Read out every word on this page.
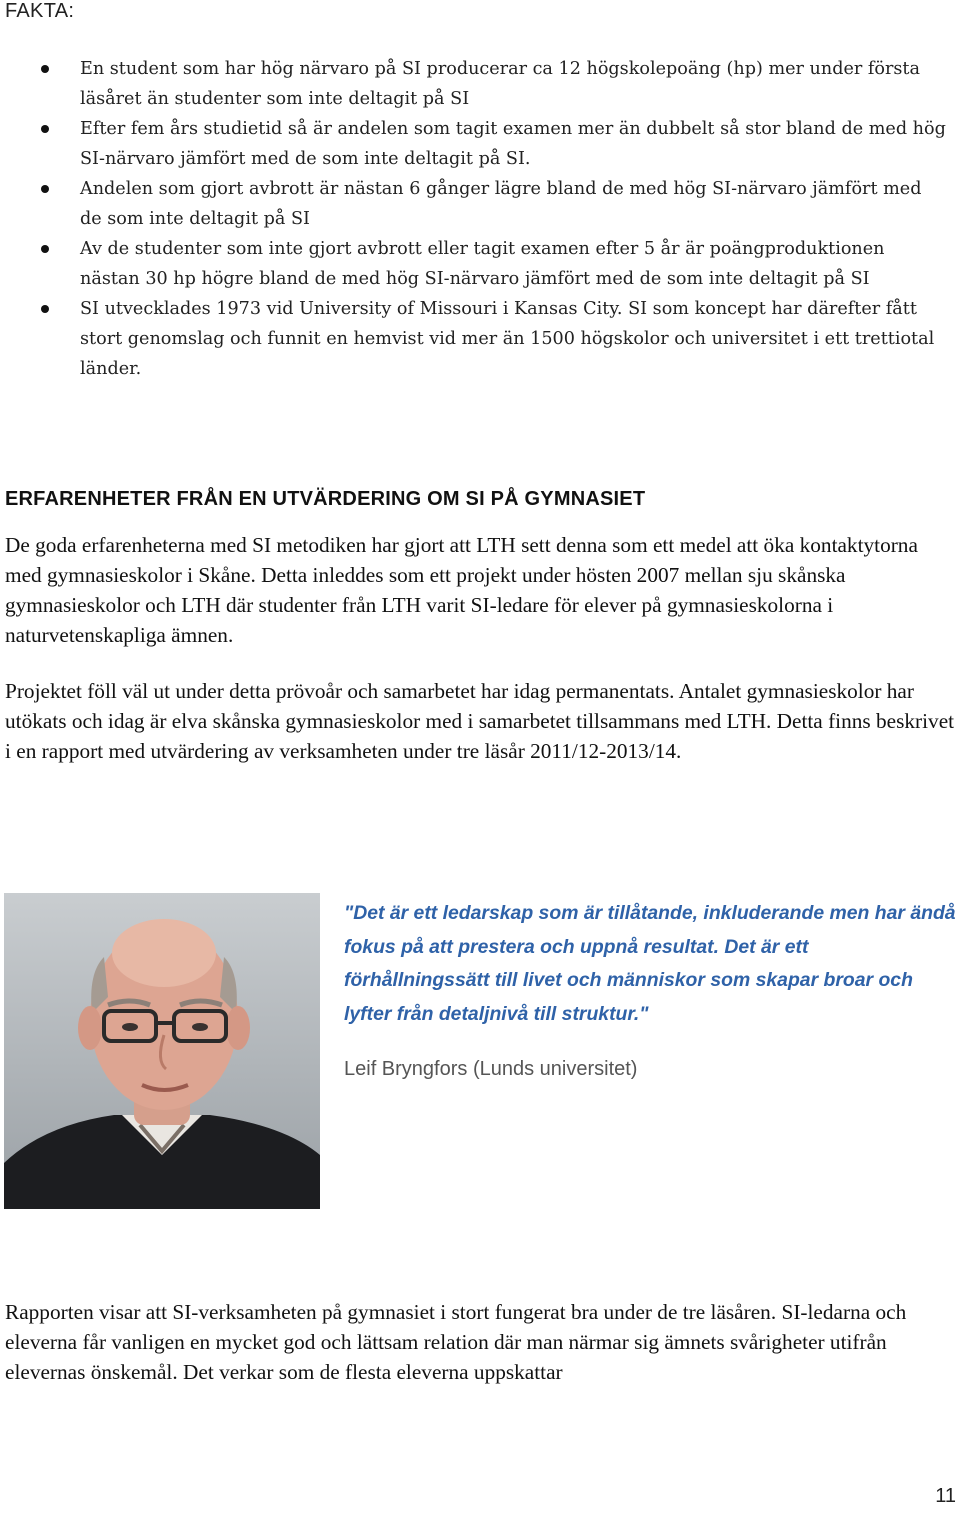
FAKTA:
En student som har hög närvaro på SI producerar ca 12 högskolepoäng (hp) mer under första läsåret än studenter som inte deltagit på SI
Efter fem års studietid så är andelen som tagit examen mer än dubbelt så stor bland de med hög SI-närvaro jämfört med de som inte deltagit på SI.
Andelen som gjort avbrott är nästan 6 gånger lägre bland de med hög SI-närvaro jämfört med de som inte deltagit på SI
Av de studenter som inte gjort avbrott eller tagit examen efter 5 år är poängproduktionen nästan 30 hp högre bland de med hög SI-närvaro jämfört med de som inte deltagit på SI
SI utvecklades 1973 vid University of Missouri i Kansas City. SI som koncept har därefter fått stort genomslag och funnit en hemvist vid mer än 1500 högskolor och universitet i ett trettiotal länder.
ERFARENHETER FRÅN EN UTVÄRDERING OM SI PÅ GYMNASIET

De goda erfarenheterna med SI metodiken har gjort att LTH sett denna som ett medel att öka kontaktytorna med gymnasieskolor i Skåne. Detta inleddes som ett projekt under hösten 2007 mellan sju skånska gymnasieskolor och LTH där studenter från LTH varit SI-ledare för elever på gymnasieskolorna i naturvetenskapliga ämnen.

Projektet föll väl ut under detta prövoår och samarbetet har idag permanentats. Antalet gymnasieskolor har utökats och idag är elva skånska gymnasieskolor med i samarbetet tillsammans med LTH. Detta finns beskrivet i en rapport med utvärdering av verksamheten under tre läsår 2011/12-2013/14.

"Det är ett ledarskap som är tillåtande, inkluderande men har ändå fokus på att prestera och uppnå resultat. Det är ett förhållningssätt till livet och människor som skapar broar och lyfter från detaljnivå till struktur."

Leif Bryngfors (Lunds universitet)

Rapporten visar att SI-verksamheten på gymnasiet i stort fungerat bra under de tre läsåren. SI-ledarna och eleverna får vanligen en mycket god och lättsam relation där man närmar sig ämnets svårigheter utifrån elevernas önskemål. Det verkar som de flesta eleverna uppskattar

11
